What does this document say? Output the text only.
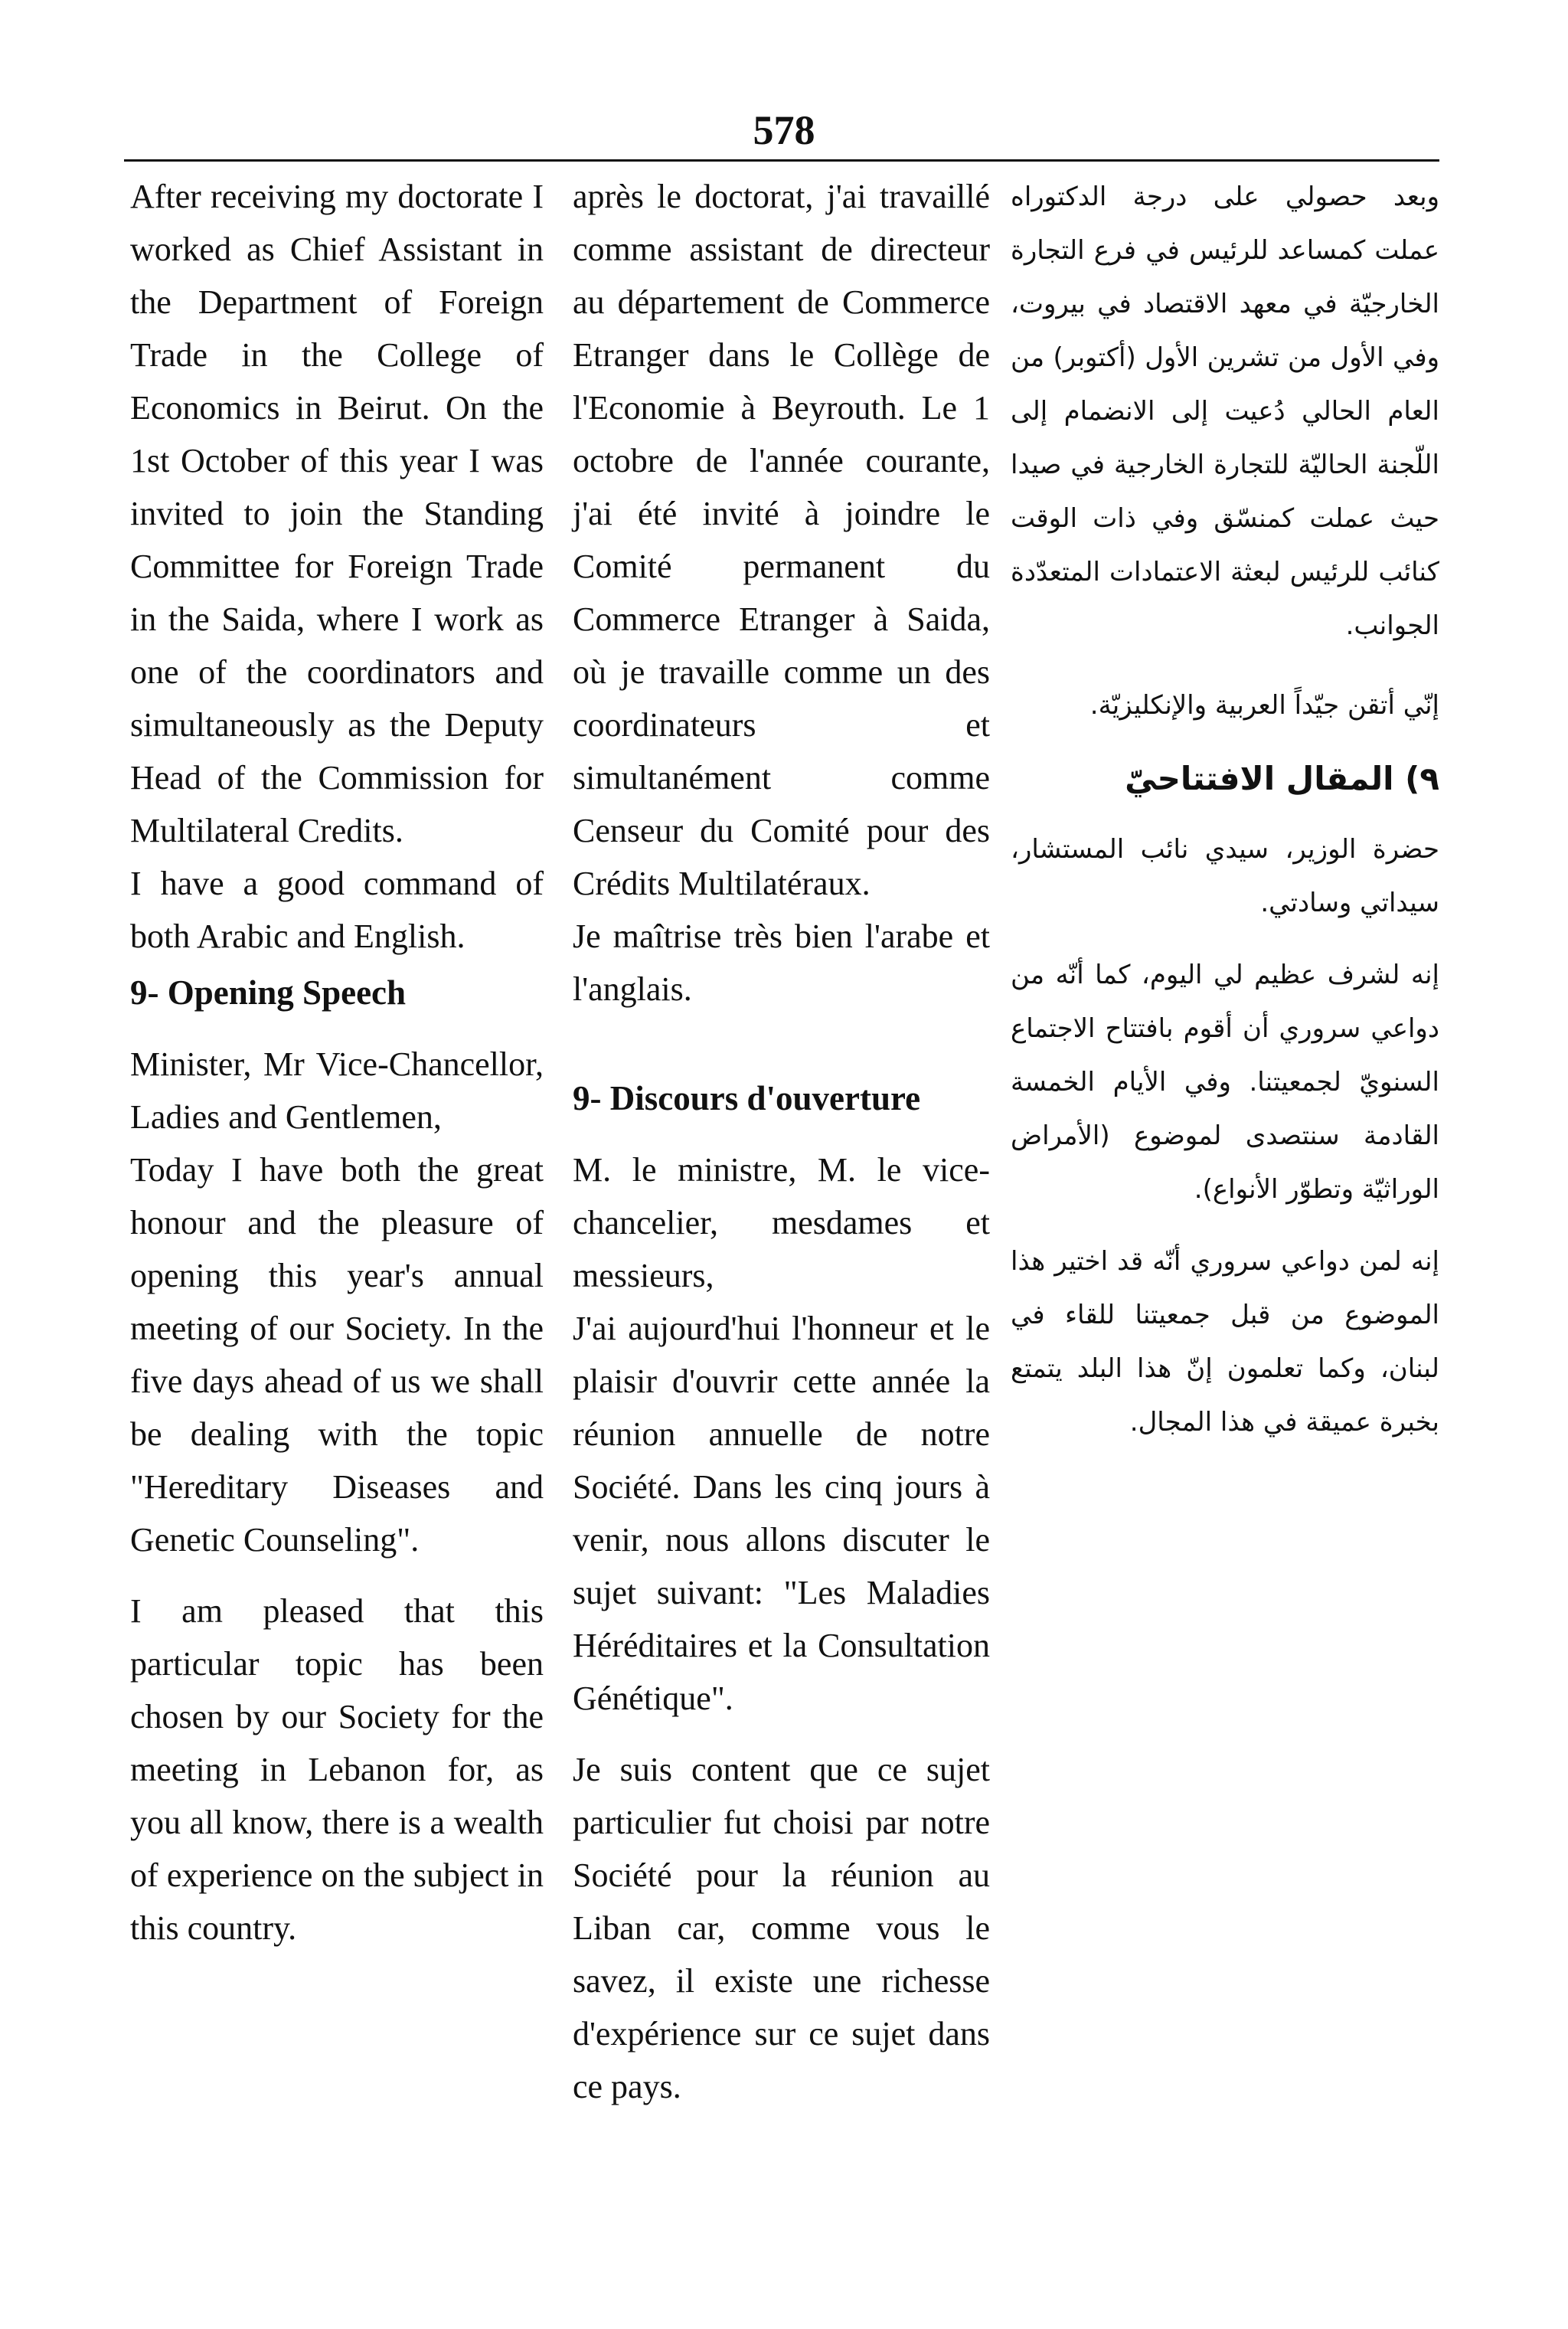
578

After receiving my doctorate I worked as Chief Assistant in the Department of Foreign Trade in the College of Economics in Beirut. On the 1st October of this year I was invited to join the Standing Committee for Foreign Trade in the Saida, where I work as one of the coordinators and simultaneously as the Deputy Head of the Commission for Multilateral Credits.

I have a good command of both Arabic and English.

9- Opening Speech

Minister, Mr Vice-Chancellor, Ladies and Gentlemen,

Today I have both the great honour and the pleasure of opening this year's annual meeting of our Society. In the five days ahead of us we shall be dealing with the topic "Hereditary Diseases and Genetic Counseling".

I am pleased that this particular topic has been chosen by our Society for the meeting in Lebanon for, as you all know, there is a wealth of experience on the subject in this country.

après le doctorat, j'ai travaillé comme assistant de directeur au département de Commerce Etranger dans le Collège de l'Economie à Beyrouth. Le 1 octobre de l'année courante, j'ai été invité à joindre le Comité permanent du Commerce Etranger à Saida, où je travaille comme un des coordinateurs et simultanément comme Censeur du Comité pour des Crédits Multilatéraux.

Je maîtrise très bien l'arabe et l'anglais.

9- Discours d'ouverture

M. le ministre, M. le vice-chancelier, mesdames et messieurs,

J'ai aujourd'hui l'honneur et le plaisir d'ouvrir cette année la réunion annuelle de notre Société. Dans les cinq jours à venir, nous allons discuter le sujet suivant: "Les Maladies Héréditaires et la Consultation Génétique".

Je suis content que ce sujet particulier fut choisi par notre Société pour la réunion au Liban car, comme vous le savez, il existe une richesse d'expérience sur ce sujet dans ce pays.

وبعد حصولي على درجة الدكتوراه عملت كمساعد للرئيس في فرع التجارة الخارجيّة في معهد الاقتصاد في بيروت، وفي الأول من تشرين الأول (أكتوبر) من العام الحالي دُعيت إلى الانضمام إلى اللّجنة الحاليّة للتجارة الخارجية في صيدا حيث عملت كمنسّق وفي ذات الوقت كنائب للرئيس لبعثة الاعتمادات المتعدّدة الجوانب.

إنّي أتقن جيّداً العربية والإنكليزيّة.

٩) المقال الافتتاحيّ

حضرة الوزير، سيدي نائب المستشار، سيداتي وسادتي.

إنه لشرف عظيم لي اليوم، كما أنّه من دواعي سروري أن أقوم بافتتاح الاجتماع السنويّ لجمعيتنا. وفي الأيام الخمسة القادمة سنتصدى لموضوع (الأمراض الوراثيّة وتطوّر الأنواع).

إنه لمن دواعي سروري أنّه قد اختير هذا الموضوع من قبل جمعيتنا للقاء في لبنان، وكما تعلمون إنّ هذا البلد يتمتع بخبرة عميقة في هذا المجال.
